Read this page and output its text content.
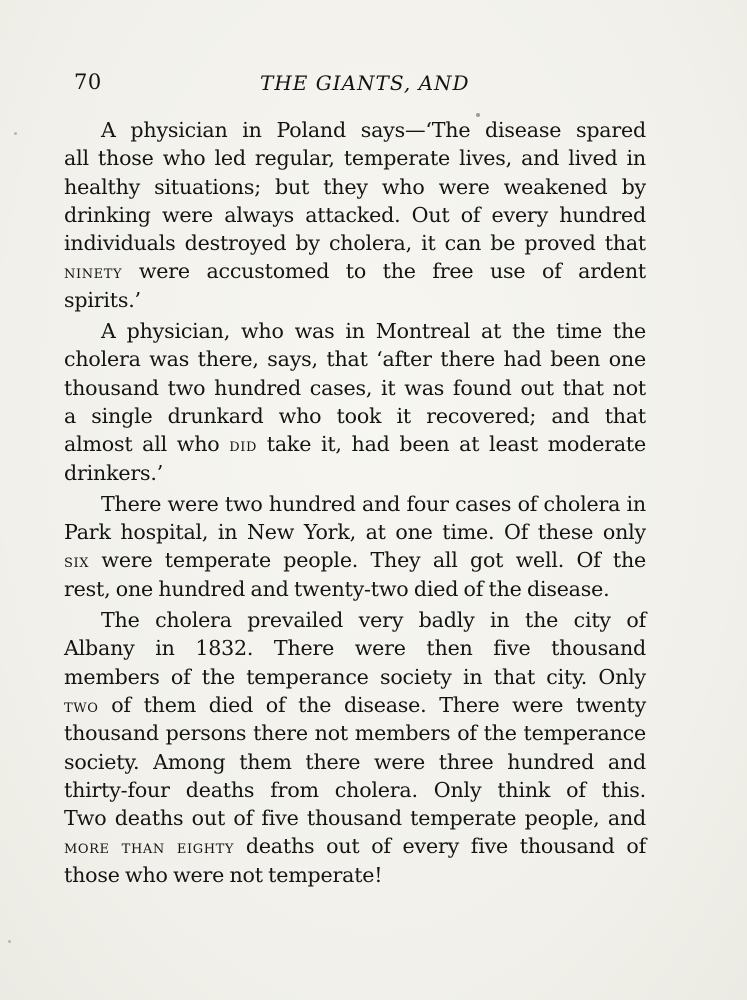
70	THE GIANTS, AND
A physician in Poland says—‘The disease spared
all those who led regular, temperate lives, and lived in
healthy situations; but they who were weakened by
drinking were always attacked. Out of every hundred
individuals destroyed by cholera, it can be proved that
ninety were accustomed to the free use of ardent
spirits.’
A physician, who was in Montreal at the time the
cholera was there, says, that ‘after there had been one
thousand two hundred cases, it was found out that not
a single drunkard who took it recovered; and that
almost all who did take it, had been at least moderate
drinkers.’
There were two hundred and four cases of cholera in
Park hospital, in New York, at one time. Of these only
six were temperate people. They all got well. Of the
rest, one hundred and twenty-two died of the disease.
The cholera prevailed very badly in the city of
Albany in 1832. There were then five thousand
members of the temperance society in that city. Only
two of them died of the disease. There were twenty
thousand persons there not members of the temperance
society. Among them there were three hundred and
thirty-four deaths from cholera. Only think of this.
Two deaths out of five thousand temperate people, and
more than eighty deaths out of every five thousand of
those who were not temperate!
